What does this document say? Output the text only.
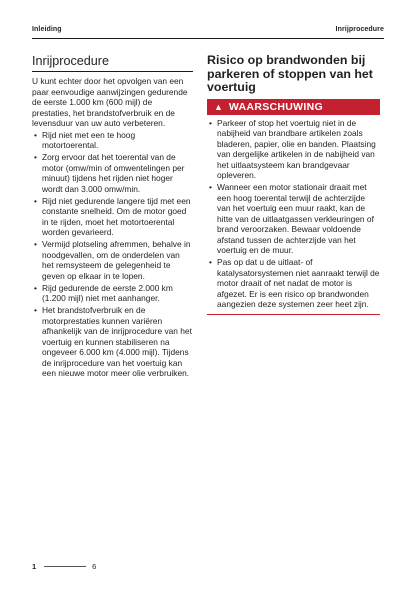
Inleiding	Inrijprocedure
Inrijprocedure

U kunt echter door het opvolgen van een paar eenvoudige aanwijzingen gedurende de eerste 1.000 km (600 mijl) de prestaties, het brandstofverbruik en de levensduur van uw auto verbeteren.

• Rijd niet met een te hoog motortoerental.
• Zorg ervoor dat het toerental van de motor (omw/min of omwentelingen per minuut) tijdens het rijden niet hoger wordt dan 3.000 omw/min.
• Rijd niet gedurende langere tijd met een constante snelheid. Om de motor goed in te rijden, moet het motortoerental worden gevarieerd.
• Vermijd plotseling afremmen, behalve in noodgevallen, om de onderdelen van het remsysteem de gelegenheid te geven op elkaar in te lopen.
• Rijd gedurende de eerste 2.000 km (1.200 mijl) niet met aanhanger.
• Het brandstofverbruik en de motorprestaties kunnen variëren afhankelijk van de inrijprocedure van het voertuig en kunnen stabiliseren na ongeveer 6.000 km (4.000 mijl). Tijdens de inrijprocedure van het voertuig kan een nieuwe motor meer olie verbruiken.
Risico op brandwonden bij parkeren of stoppen van het voertuig
▲ WAARSCHUWING
• Parkeer of stop het voertuig niet in de nabijheid van brandbare artikelen zoals bladeren, papier, olie en banden. Plaatsing van dergelijke artikelen in de nabijheid van het uitlaatsysteem kan brandgevaar opleveren.
• Wanneer een motor stationair draait met een hoog toerental terwijl de achterzijde van het voertuig een muur raakt, kan de hitte van de uitlaatgassen verkleuringen of brand veroorzaken. Bewaar voldoende afstand tussen de achterzijde van het voertuig en de muur.
• Pas op dat u de uitlaat- of katalysatorsystemen niet aanraakt terwijl de motor draait of net nadat de motor is afgezet. Er is een risico op brandwonden aangezien deze systemen zeer heet zijn.
1	6
